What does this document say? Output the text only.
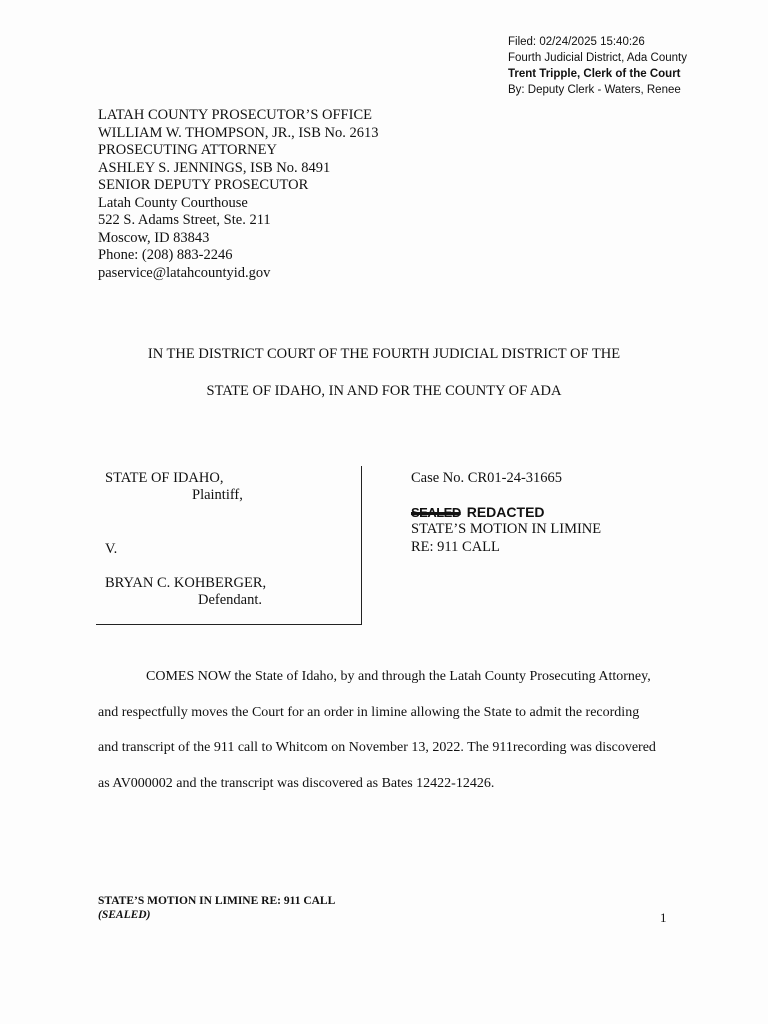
Filed: 02/24/2025 15:40:26
Fourth Judicial District, Ada County
Trent Tripple, Clerk of the Court
By: Deputy Clerk - Waters, Renee
LATAH COUNTY PROSECUTOR’S OFFICE
WILLIAM W. THOMPSON, JR., ISB No. 2613
PROSECUTING ATTORNEY
ASHLEY S. JENNINGS, ISB No. 8491
SENIOR DEPUTY PROSECUTOR
Latah County Courthouse
522 S. Adams Street, Ste. 211
Moscow, ID 83843
Phone: (208) 883-2246
paservice@latahcountyid.gov
IN THE DISTRICT COURT OF THE FOURTH JUDICIAL DISTRICT OF THE
STATE OF IDAHO, IN AND FOR THE COUNTY OF ADA
STATE OF IDAHO,
Plaintiff,
V.
BRYAN C. KOHBERGER,
Defendant.
Case No. CR01-24-31665
SEALED REDACTED
STATE’S MOTION IN LIMINE
RE: 911 CALL
COMES NOW the State of Idaho, by and through the Latah County Prosecuting Attorney,
and respectfully moves the Court for an order in limine allowing the State to admit the recording
and transcript of the 911 call to Whitcom on November 13, 2022. The 911recording was discovered
as AV000002 and the transcript was discovered as Bates 12422-12426.
STATE’S MOTION IN LIMINE RE: 911 CALL
(SEALED)	1
